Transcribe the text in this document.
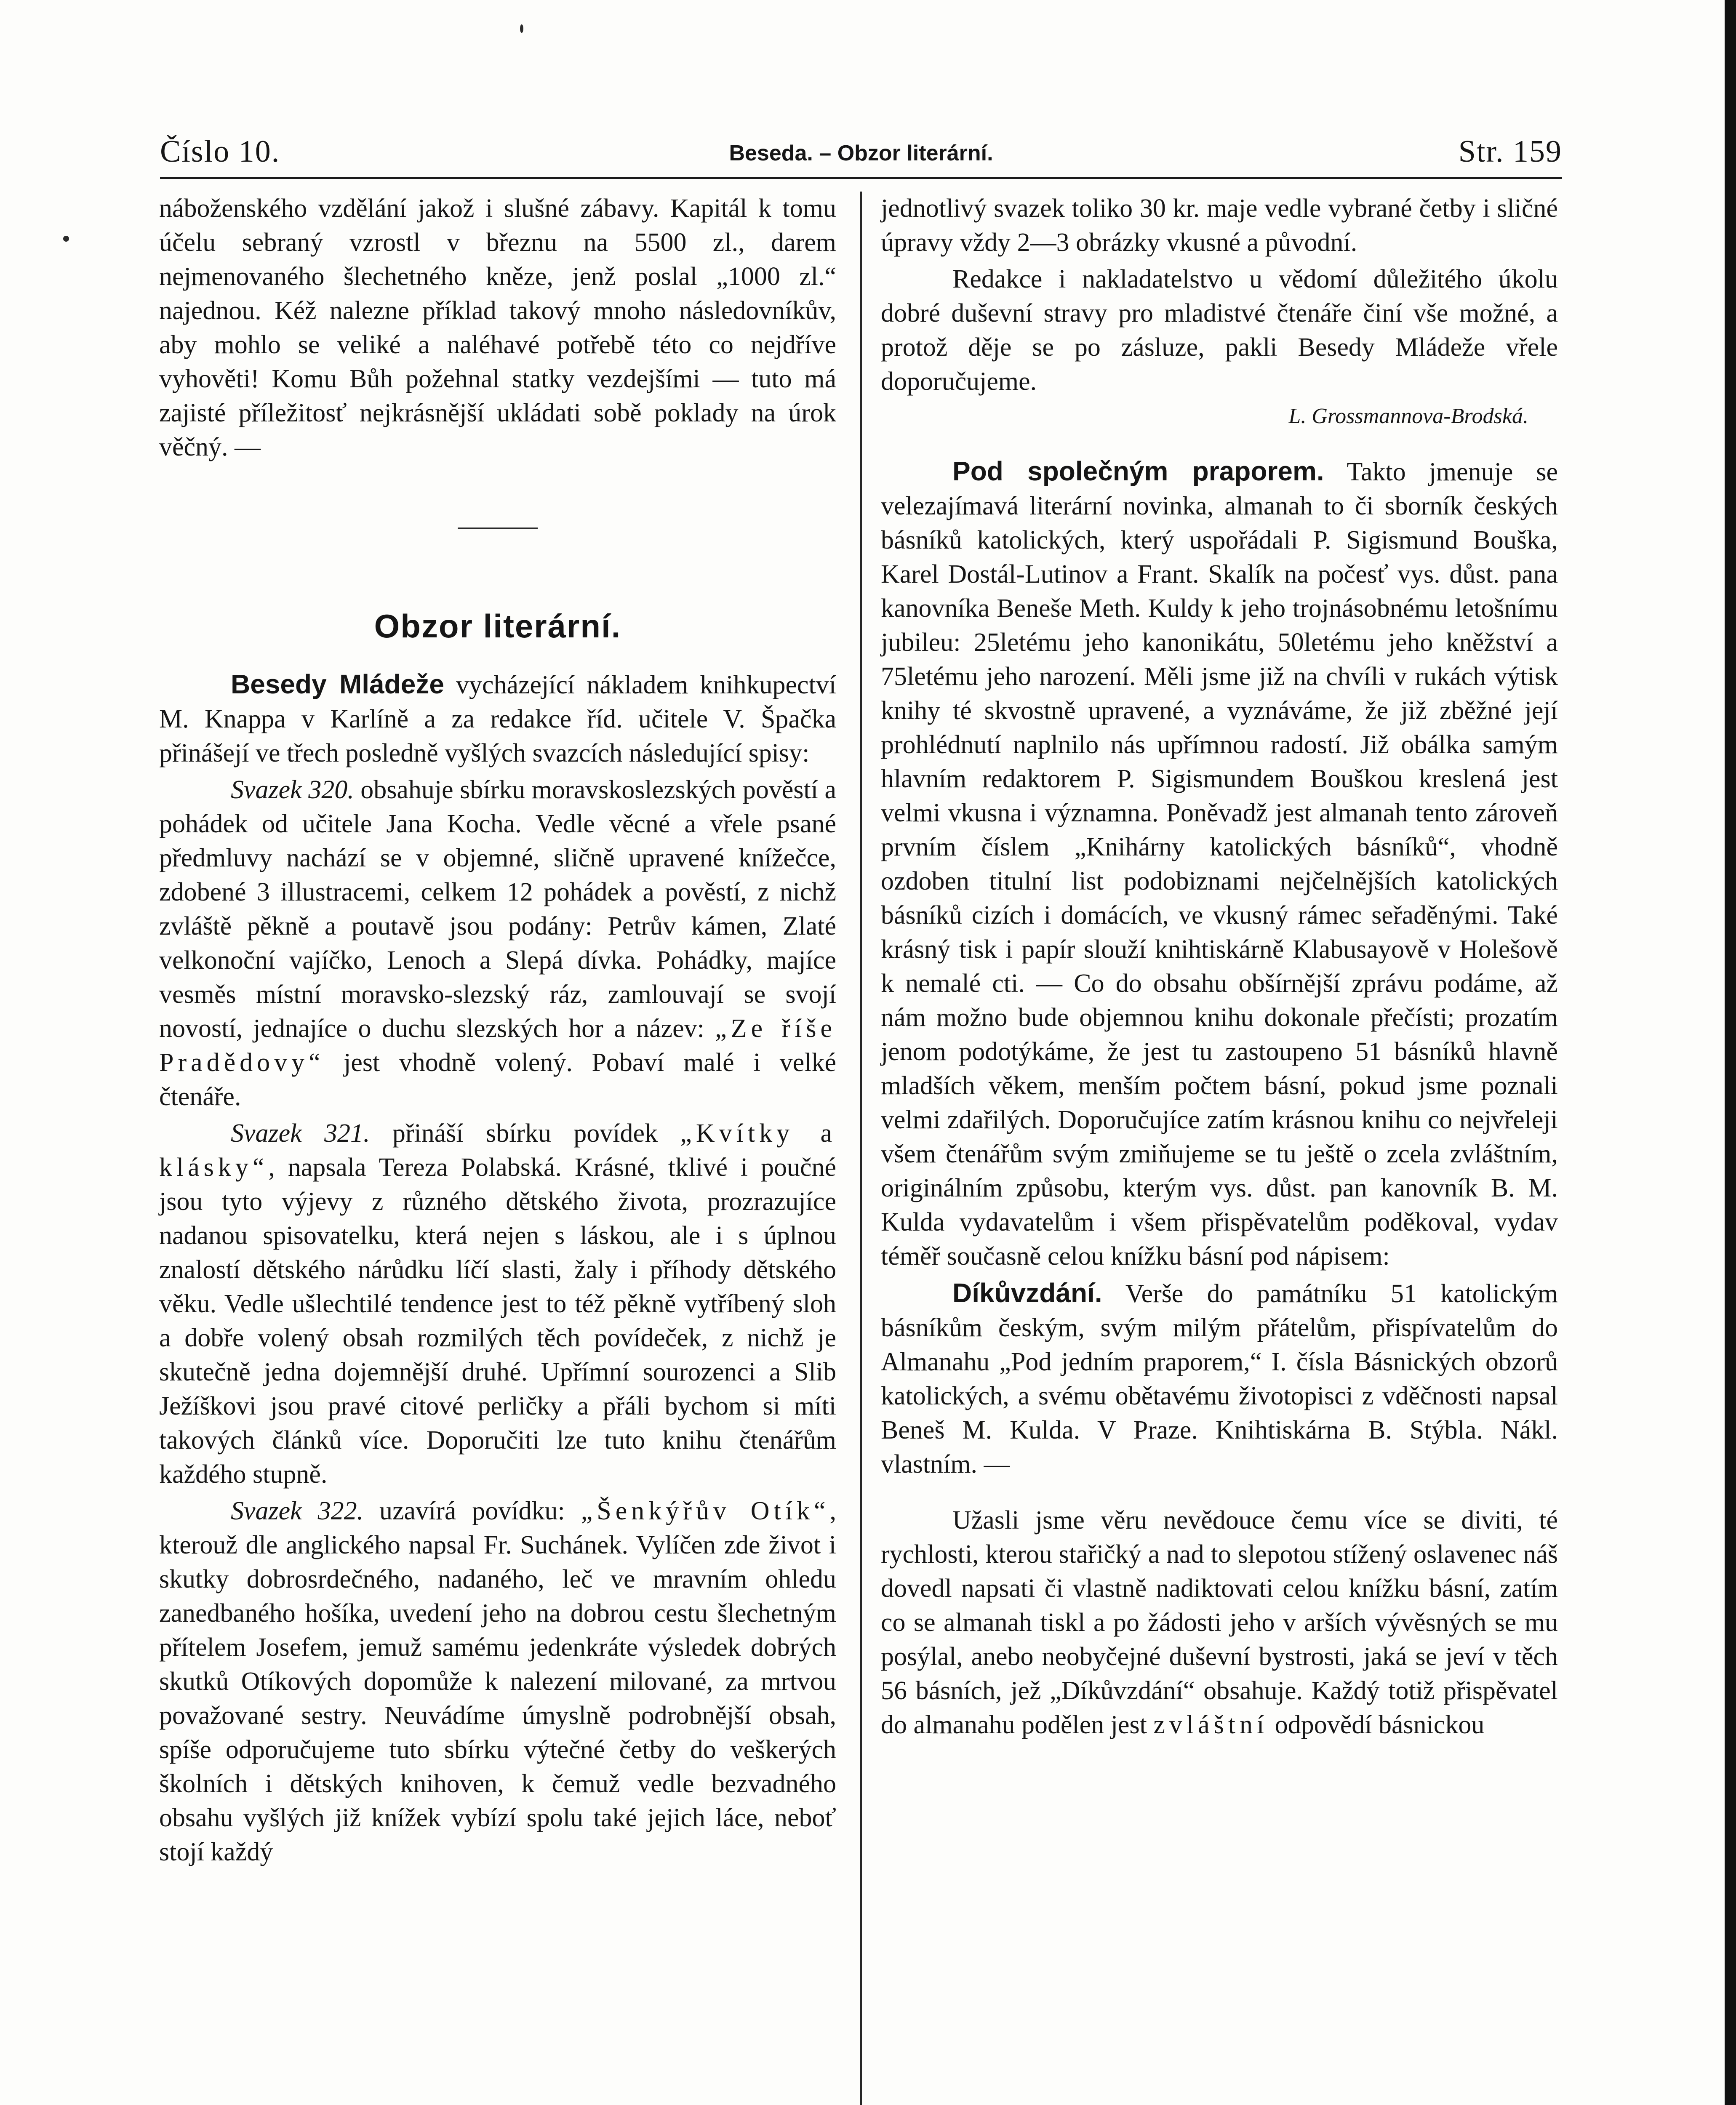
Číslo 10.	Beseda. – Obzor literární.	Str. 159

náboženského vzdělání jakož i slušné zábavy. Kapitál k tomu účelu sebraný vzrostl v březnu na 5500 zl., darem nejmenovaného šlechetného kněze, jenž poslal „1000 zl.“ najednou. Kéž nalezne příklad takový mnoho následovníkův, aby mohlo se veliké a naléhavé potřebě této co nejdříve vyhověti! Komu Bůh požehnal statky vezdejšími — tuto má zajisté příležitosť nejkrásnější ukládati sobě poklady na úrok věčný. —

Obzor literární.

Besedy Mládeže vycházející nákladem knihkupectví M. Knappa v Karlíně a za redakce říd. učitele V. Špačka přinášejí ve třech posledně vyšlých svazcích následující spisy:

Svazek 320. obsahuje sbírku moravskoslezských pověstí a pohádek od učitele Jana Kocha. Vedle věcné a vřele psané předmluvy nachází se v objemné, sličně upravené knížečce, zdobené 3 illustracemi, celkem 12 pohádek a pověstí, z nichž zvláště pěkně a poutavě jsou podány: Petrův kámen, Zlaté velkonoční vajíčko, Lenoch a Slepá dívka. Pohádky, majíce vesměs místní moravsko-slezský ráz, zamlouvají se svojí novostí, jednajíce o duchu slezských hor a název: „Ze říše Pradědovy“ jest vhodně volený. Pobaví malé i velké čtenáře.

Svazek 321. přináší sbírku povídek „Kvítky a klásky“, napsala Tereza Polabská. Krásné, tklivé i poučné jsou tyto výjevy z různého dětského života, prozrazujíce nadanou spisovatelku, která nejen s láskou, ale i s úplnou znalostí dětského nárůdku líčí slasti, žaly i příhody dětského věku. Vedle ušlechtilé tendence jest to též pěkně vytříbený sloh a dobře volený obsah rozmilých těch povídeček, z nichž je skutečně jedna dojemnější druhé. Upřímní sourozenci a Slib Ježíškovi jsou pravé citové perličky a přáli bychom si míti takových článků více. Doporučiti lze tuto knihu čtenářům každého stupně.

Svazek 322. uzavírá povídku: „Šenkýřův Otík“, kterouž dle anglického napsal Fr. Suchánek. Vylíčen zde život i skutky dobrosrdečného, nadaného, leč ve mravním ohledu zanedbaného hošíka, uvedení jeho na dobrou cestu šlechetným přítelem Josefem, jemuž samému jedenkráte výsledek dobrých skutků Otíkových dopomůže k nalezení milované, za mrtvou považované sestry. Neuvádíme úmyslně podrobnější obsah, spíše odporučujeme tuto sbírku výtečné četby do veškerých školních i dětských knihoven, k čemuž vedle bezvadného obsahu vyšlých již knížek vybízí spolu také jejich láce, neboť stojí každý

jednotlivý svazek toliko 30 kr. maje vedle vybrané četby i sličné úpravy vždy 2—3 obrázky vkusné a původní.

Redakce i nakladatelstvo u vědomí důležitého úkolu dobré duševní stravy pro mladistvé čtenáře činí vše možné, a protož děje se po zásluze, pakli Besedy Mládeže vřele doporučujeme.

L. Grossmannova-Brodská.

Pod společným praporem. Takto jmenuje se velezajímavá literární novinka, almanah to či sborník českých básníků katolických, který uspořádali P. Sigismund Bouška, Karel Dostál-Lutinov a Frant. Skalík na počesť vys. důst. pana kanovníka Beneše Meth. Kuldy k jeho trojnásobnému letošnímu jubileu: 25letému jeho kanonikátu, 50letému jeho kněžství a 75letému jeho narození. Měli jsme již na chvíli v rukách výtisk knihy té skvostně upravené, a vyznáváme, že již zběžné její prohlédnutí naplnilo nás upřímnou radostí. Již obálka samým hlavním redaktorem P. Sigismundem Bouškou kreslená jest velmi vkusna i významna. Poněvadž jest almanah tento zároveň prvním číslem „Knihárny katolických básníků“, vhodně ozdoben titulní list podobiznami nejčelnějších katolických básníků cizích i domácích, ve vkusný rámec seřaděnými. Také krásný tisk i papír slouží knihtiskárně Klabusayově v Holešově k nemalé cti. — Co do obsahu obšírnější zprávu podáme, až nám možno bude objemnou knihu dokonale přečísti; prozatím jenom podotýkáme, že jest tu zastoupeno 51 básníků hlavně mladších věkem, menším počtem básní, pokud jsme poznali velmi zdařilých. Doporučujíce zatím krásnou knihu co nejvřeleji všem čtenářům svým zmiňujeme se tu ještě o zcela zvláštním, originálním způsobu, kterým vys. důst. pan kanovník B. M. Kulda vydavatelům i všem přispěvatelům poděkoval, vydav téměř současně celou knížku básní pod nápisem:

Díkůvzdání. Verše do památníku 51 katolickým básníkům českým, svým milým přátelům, přispívatelům do Almanahu „Pod jedním praporem,“ I. čísla Básnických obzorů katolických, a svému obětavému životopisci z vděčnosti napsal Beneš M. Kulda. V Praze. Knihtiskárna B. Stýbla. Nákl. vlastním. —

Užasli jsme věru nevědouce čemu více se diviti, té rychlosti, kterou stařičký a nad to slepotou stížený oslavenec náš dovedl napsati či vlastně nadiktovati celou knížku básní, zatím co se almanah tiskl a po žádosti jeho v arších vývěsných se mu posýlal, anebo neobyčejné duševní bystrosti, jaká se jeví v těch 56 básních, jež „Díkůvzdání“ obsahuje. Každý totiž přispěvatel do almanahu podělen jest zvláštní odpovědí básnickou
